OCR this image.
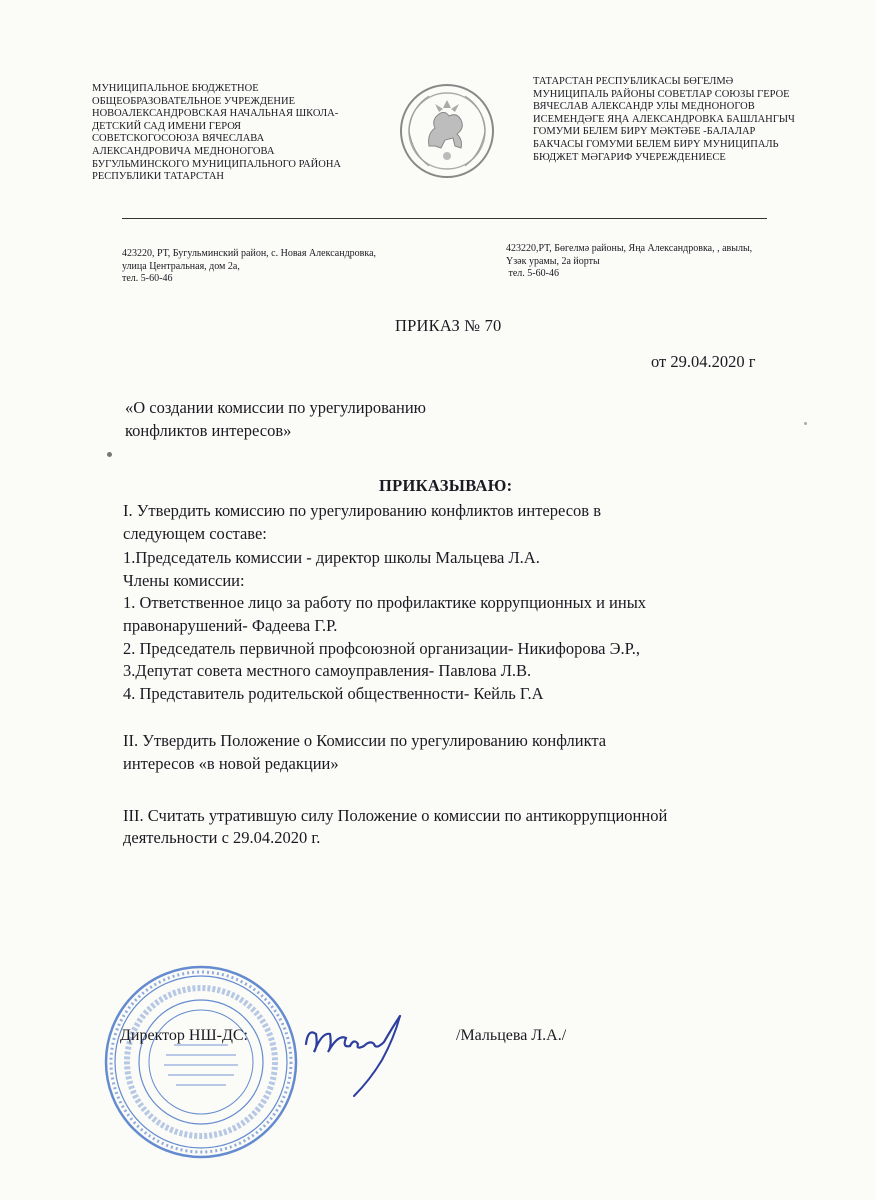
МУНИЦИПАЛЬНОЕ БЮДЖЕТНОЕ
ОБЩЕОБРАЗОВАТЕЛЬНОЕ УЧРЕЖДЕНИЕ
НОВОАЛЕКСАНДРОВСКАЯ НАЧАЛЬНАЯ ШКОЛА-
ДЕТСКИЙ САД ИМЕНИ ГЕРОЯ
СОВЕТСКОГОСОЮЗА ВЯЧЕСЛАВА
АЛЕКСАНДРОВИЧА МЕДНОНОГОВА
БУГУЛЬМИНСКОГО МУНИЦИПАЛЬНОГО РАЙОНА
РЕСПУБЛИКИ ТАТАРСТАН
ТАТАРСТАН РЕСПУБЛИКАСЫ БӨГЕЛМӘ
МУНИЦИПАЛЬ РАЙОНЫ СОВЕТЛАР СОЮЗЫ ГЕРОЕ
ВЯЧЕСЛАВ АЛЕКСАНДР УЛЫ МЕДНОНОГОВ
ИСЕМЕНДӘГЕ ЯҢА АЛЕКСАНДРОВКА БАШЛАНГЫЧ
ГОМУМИ БЕЛЕМ БИРҮ МӘКТӘБЕ -БАЛАЛАР
БАКЧАСЫ ГОМУМИ БЕЛЕМ БИРҮ МУНИЦИПАЛЬ
БЮДЖЕТ МӘГАРИФ УЧЕРЕЖДЕНИЕСЕ
423220, РТ, Бугульминский район, с. Новая Александровка,
улица Центральная, дом 2а,
тел. 5-60-46
423220,РТ, Бөгелмә районы, Яңа Александровка, , авылы,
Үзәк урамы, 2а йорты
тел. 5-60-46
ПРИКАЗ № 70
от 29.04.2020 г
«О создании комиссии по урегулированию
конфликтов интересов»
ПРИКАЗЫВАЮ:

I. Утвердить комиссию по урегулированию конфликтов интересов в

следующем составе:

1.Председатель комиссии - директор школы Мальцева Л.А.

Члены комиссии:

1. Ответственное лицо за работу по профилактике коррупционных и иных

правонарушений- Фадеева Г.Р.

2. Председатель первичной профсоюзной организации- Никифорова Э.Р.,

3.Депутат совета местного самоуправления- Павлова Л.В.

4. Представитель родительской общественности- Кейль Г.А

II. Утвердить Положение о Комиссии по урегулированию конфликта

интересов «в новой редакции»

III. Считать утратившую силу Положение о комиссии по антикоррупционной

деятельности с 29.04.2020 г.

Директор НШ-ДС:	/Мальцева Л.А./
